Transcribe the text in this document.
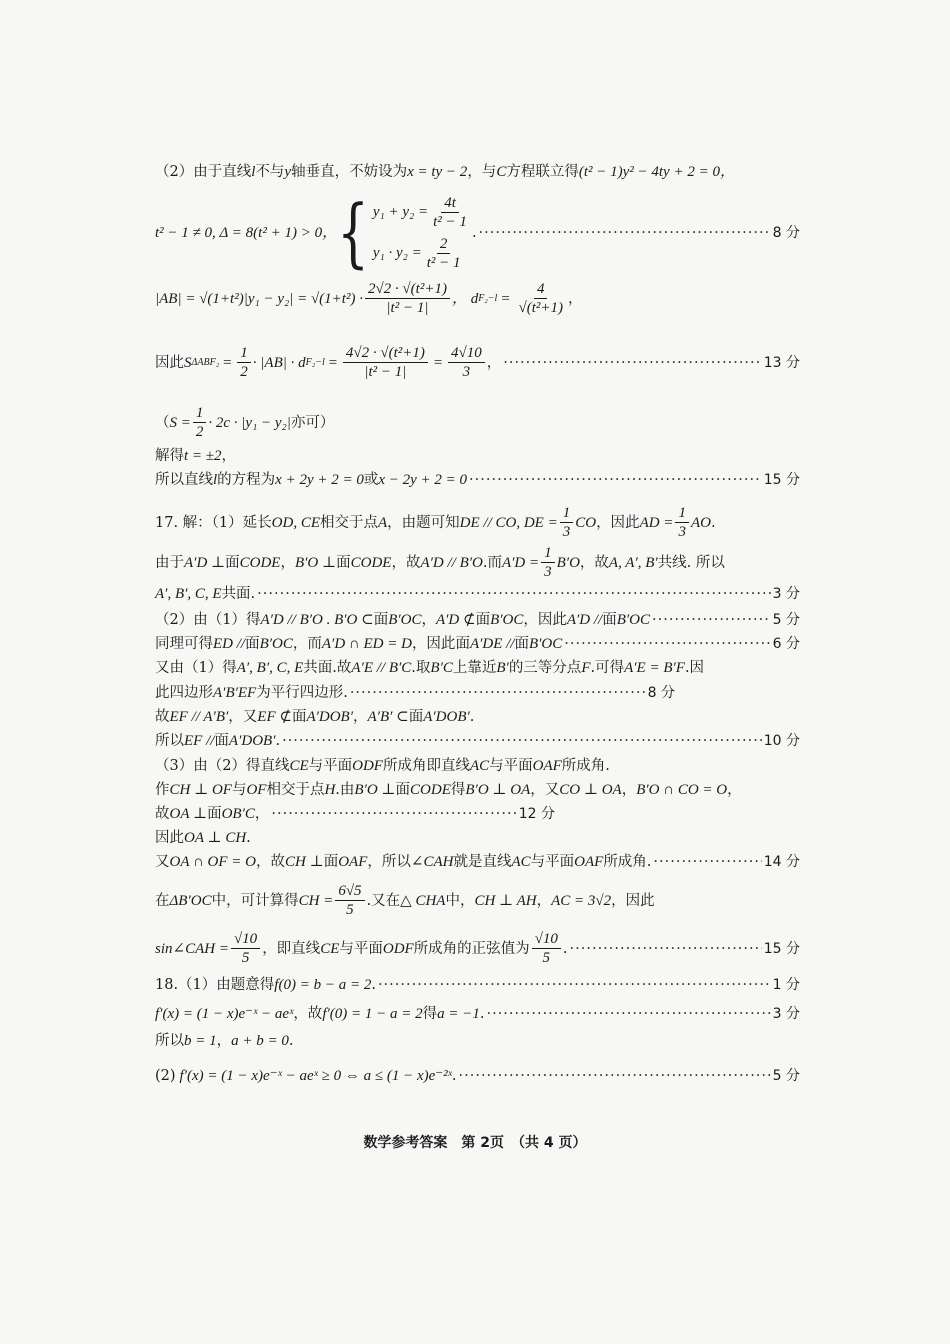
（2）由于直线l不与y轴垂直，不妨设为x = ty − 2，与C方程联立得(t² − 1)y² − 4ty + 2 = 0，
t² − 1 ≠ 0, Δ = 8(t² + 1) > 0， { $y_1 + y_2 = \frac{4t}{\text{t² − 1}}$
$y_1 \cdot y_2 = \frac{2}{\text{t² − 1}}$
. ·····	8 分
$|AB| = √(1+t^2)|y_1 - y_2| = √(1+t^2) \cdot \frac{\text{2√2 · √(t²+1)}}{\text{|t² − 1|}}$ ， d $F_2-l = \frac{4}{\text{√(t²+1)}}$ ，
因此 S $\Delta ABF_2 = \frac{1}{2} \cdot |AB| \cdot d$ $F_2-l = \frac{\text{4√2 · √(t²+1)}}{\text{|t² − 1|}} = \frac{4√10}{3}$ ， ·····	13 分
（ $S = \frac{1}{2} \cdot 2c \cdot |y_1 - y_2|$ 亦可）
解得t = ±2，
所以直线 l 的方程为 x + 2y + 2 = 0 或 x − 2y + 2 = 0 ·····	15 分
17. 解：（1）延长 OD, CE 相交于点 A ，由题可知 DE // CO, DE = $\frac{1}{3}$ CO ，因此 AD = $\frac{1}{3}$ AO .
由于 A′D ⊥ 面 CODE ， B′O ⊥ 面 CODE ，故 A′D // B′O .而 $A'D = \frac{1}{3} B'O$ ，故 A, A′, B′ 共线. 所以
A′, B′, C, E 共面. ·····	3 分
（2）由（1）得 A′D // B′O . B′O ⊂ 面 B′OC ， A′D ⊄ 面 B′OC ，因此 A′D // 面 B′OC ·····	5 分
同理可得 ED // 面 B′OC ，而 A′D ∩ ED = D ，因此 面 A′DE // 面 B′OC ·····	6 分
又由（1）得A′, B′, C, E共面.故A′E // B′C.取B′C上靠近B′的三等分点F.可得A′E = B′F.因
此四边形 A′B′EF 为平行四边形. ·····	8 分
故EF // A′B′，又EF ⊄面A′DOB′，A′B′ ⊂面A′DOB′.
所以 EF // 面 A′DOB′ . ·····	10 分
（3）由（2）得直线CE与平面ODF所成角即直线AC与平面OAF所成角.
作CH ⊥ OF与OF相交于点H.由B′O ⊥面CODE得B′O ⊥ OA，又CO ⊥ OA，B′O ∩ CO = O，
故 OA ⊥ 面 OB′C ， ·····	12 分
因此OA ⊥ CH.
又 OA ∩ OF = O ，故 CH ⊥ 面 OAF ，所以 ∠CAH 就是直线 AC 与平面 OAF 所成角. ·····	14 分
在 ΔB′OC 中，可计算得 CH = $\frac{6√5}{5}$ .又在 △ CHA 中， CH ⊥ AH ， AC = 3√2 ，因此
sin∠CAH = $\frac{√10}{5}$ ，即直线 CE 与平面 ODF 所成角的正弦值为 $\frac{√10}{5}$ . ·····	15 分
18.（1）由题意得 f(0) = b − a = 2 . ·····	1 分
f′(x) = (1 − x)e⁻ˣ − aeˣ ，故 f′(0) = 1 − a = 2 得 a = −1 . ·····	3 分
所以b = 1，a + b = 0.
(2) f′(x) = (1 − x)e⁻ˣ − aeˣ ≥ 0 ⇔ a ≤ (1 − x)e⁻²ˣ . ·····	5 分
数学参考答案　第 2页　（共 4 页）
